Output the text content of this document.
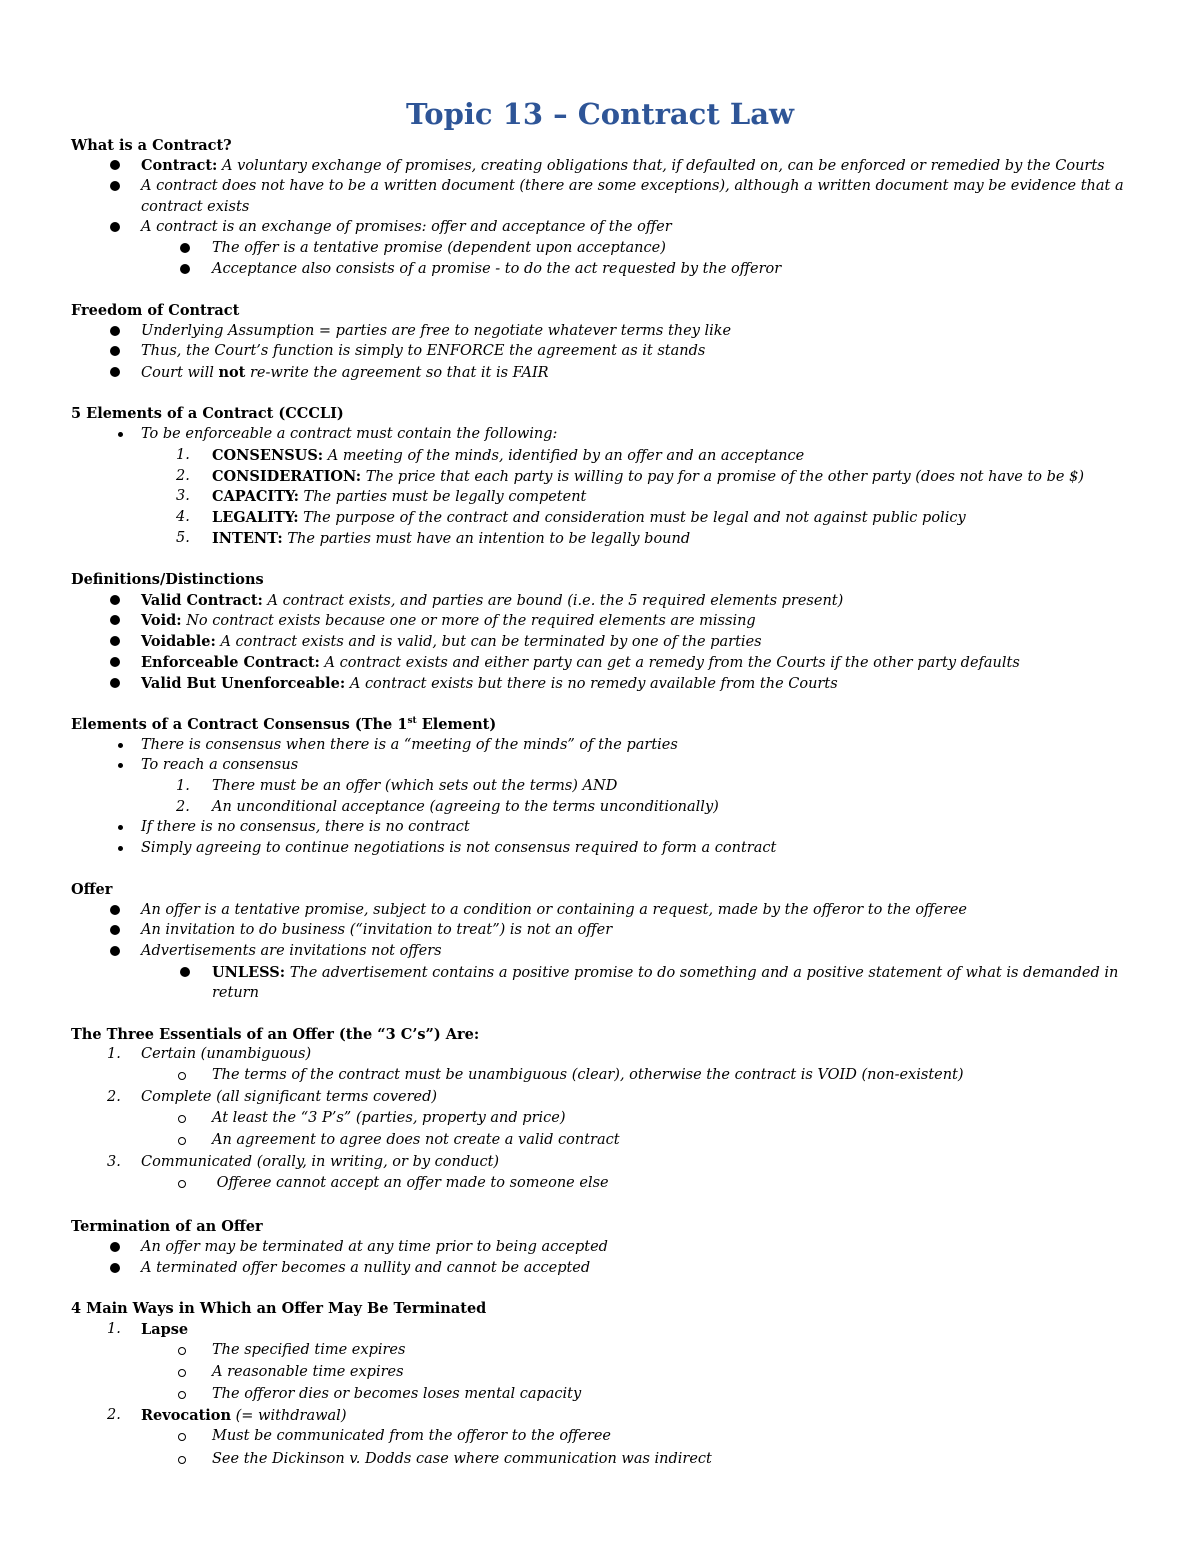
Topic 13 – Contract Law
What is a Contract?
Contract: A voluntary exchange of promises, creating obligations that, if defaulted on, can be enforced or remedied by the Courts
A contract does not have to be a written document (there are some exceptions), although a written document may be evidence that a
contract exists
A contract is an exchange of promises: offer and acceptance of the offer
The offer is a tentative promise (dependent upon acceptance)
Acceptance also consists of a promise - to do the act requested by the offeror
Freedom of Contract
Underlying Assumption = parties are free to negotiate whatever terms they like
Thus, the Court’s function is simply to ENFORCE the agreement as it stands
Court will not re-write the agreement so that it is FAIR
5 Elements of a Contract (CCCLI)
To be enforceable a contract must contain the following:
1. CONSENSUS: A meeting of the minds, identified by an offer and an acceptance
2. CONSIDERATION: The price that each party is willing to pay for a promise of the other party (does not have to be $)
3. CAPACITY: The parties must be legally competent
4. LEGALITY: The purpose of the contract and consideration must be legal and not against public policy
5. INTENT: The parties must have an intention to be legally bound
Definitions/Distinctions
Valid Contract: A contract exists, and parties are bound (i.e. the 5 required elements present)
Void: No contract exists because one or more of the required elements are missing
Voidable: A contract exists and is valid, but can be terminated by one of the parties
Enforceable Contract: A contract exists and either party can get a remedy from the Courts if the other party defaults
Valid But Unenforceable: A contract exists but there is no remedy available from the Courts
Elements of a Contract Consensus (The 1st Element)
There is consensus when there is a “meeting of the minds” of the parties
To reach a consensus
1. There must be an offer (which sets out the terms) AND
2. An unconditional acceptance (agreeing to the terms unconditionally)
If there is no consensus, there is no contract
Simply agreeing to continue negotiations is not consensus required to form a contract
Offer
An offer is a tentative promise, subject to a condition or containing a request, made by the offeror to the offeree
An invitation to do business (“invitation to treat”) is not an offer
Advertisements are invitations not offers
UNLESS: The advertisement contains a positive promise to do something and a positive statement of what is demanded in
return
The Three Essentials of an Offer (the “3 C’s”) Are:
1. Certain (unambiguous)
The terms of the contract must be unambiguous (clear), otherwise the contract is VOID (non-existent)
2. Complete (all significant terms covered)
At least the “3 P’s” (parties, property and price)
An agreement to agree does not create a valid contract
3. Communicated (orally, in writing, or by conduct)
Offeree cannot accept an offer made to someone else
Termination of an Offer
An offer may be terminated at any time prior to being accepted
A terminated offer becomes a nullity and cannot be accepted
4 Main Ways in Which an Offer May Be Terminated
1. Lapse
The specified time expires
A reasonable time expires
The offeror dies or becomes loses mental capacity
2. Revocation (= withdrawal)
Must be communicated from the offeror to the offeree
See the Dickinson v. Dodds case where communication was indirect
